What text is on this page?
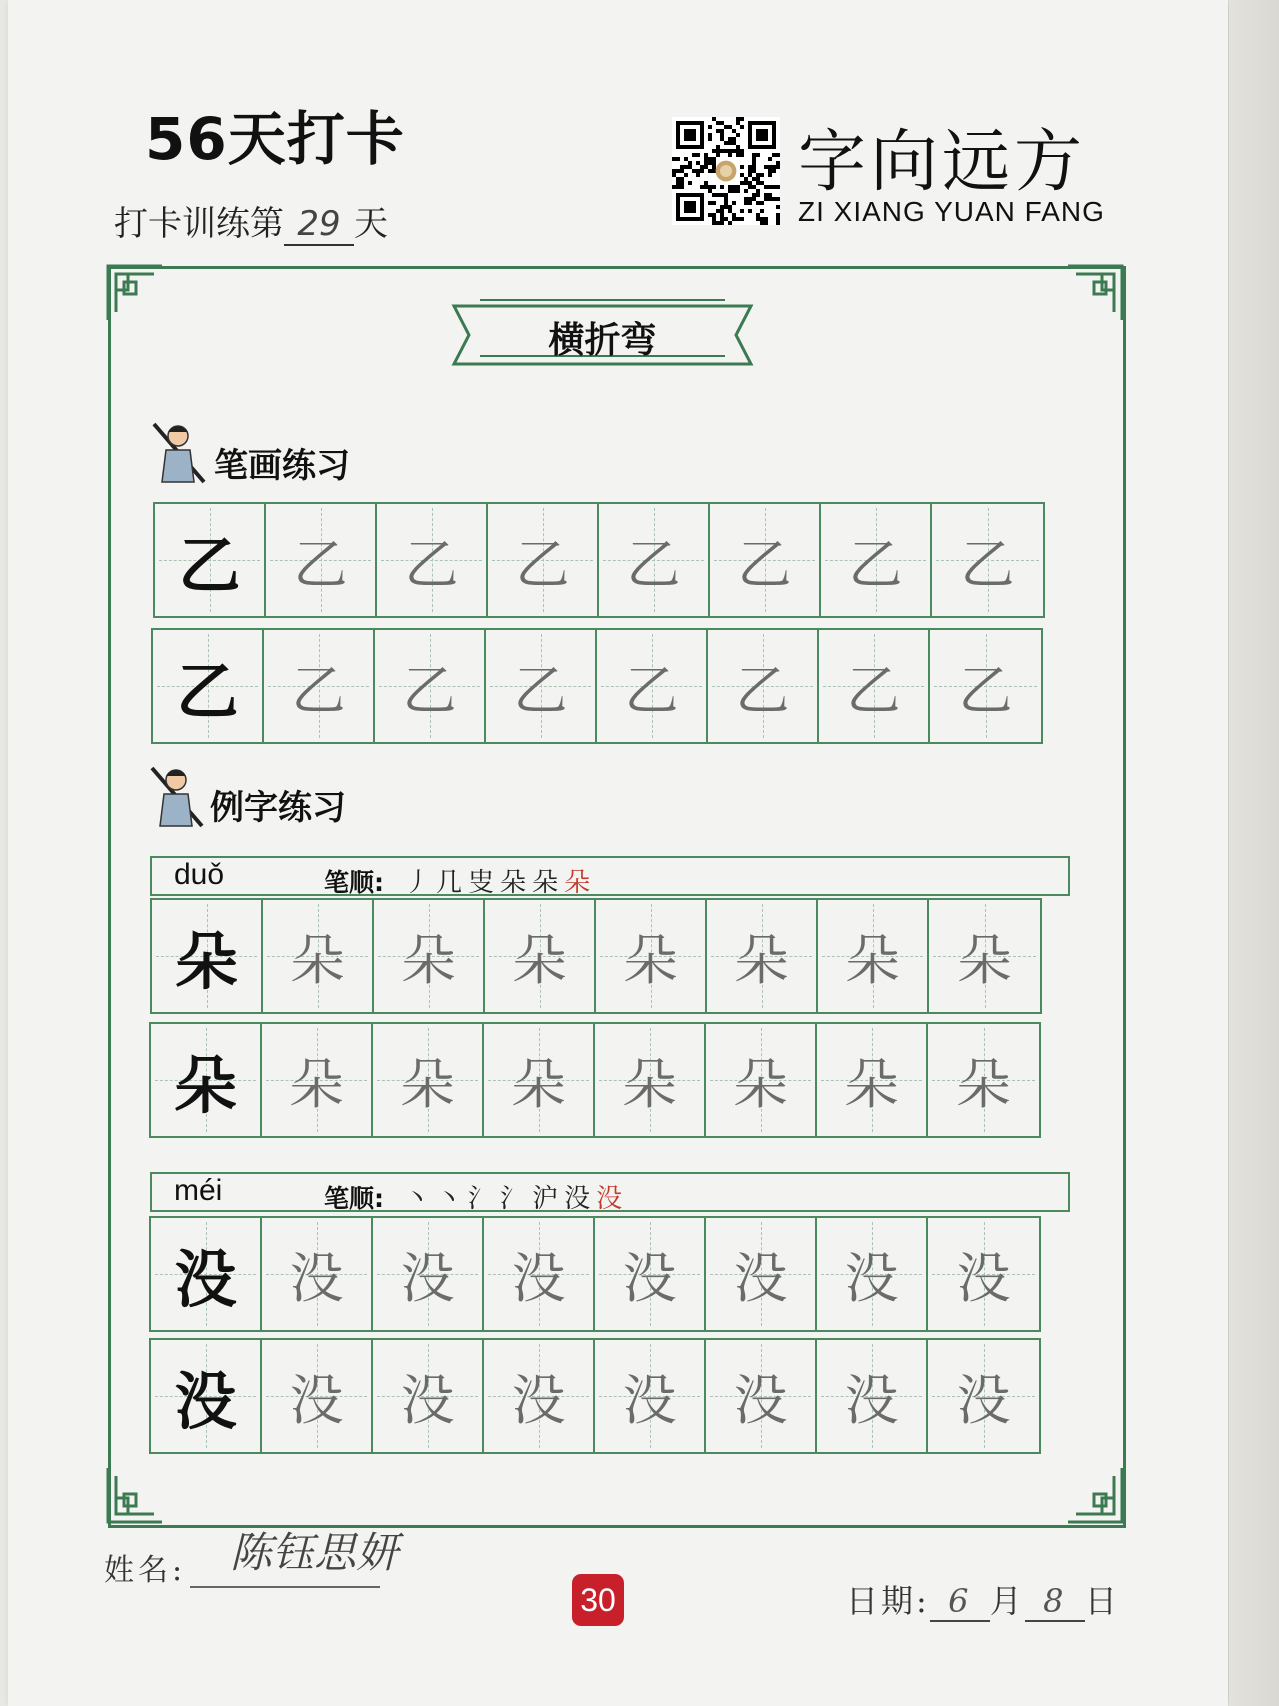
56天打卡
打卡训练第 29 天
字向远方
ZI XIANG YUAN FANG
横折弯
笔画练习
例字练习
乙 乙	乙	乙	乙	乙	乙	乙
乙 乙	乙	乙	乙	乙	乙	乙
duǒ	笔顺: 丿几㕜朵朵朵
朵 朵	朵	朵	朵	朵	朵	朵
朵 朵	朵	朵	朵	朵	朵	朵
méi	笔顺: 丶丶氵氵沪没没
没 没	没	没	没	没	没	没
没 没	没	没	没	没	没	没
姓名: 陈钰思妍
30	日期: 6 月 8 日
